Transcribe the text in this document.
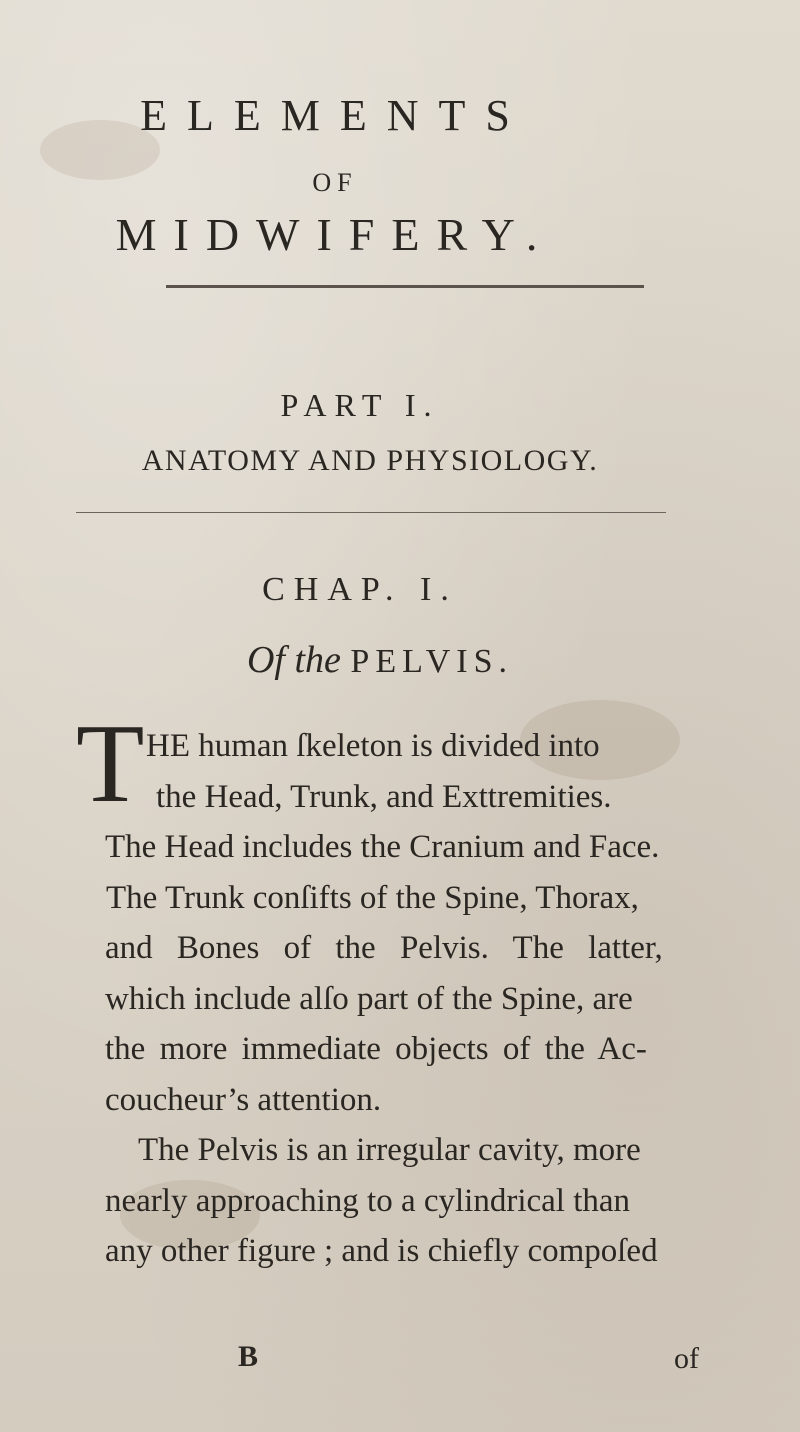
ELEMENTS
OF
MIDWIFERY.
PART I.
ANATOMY AND PHYSIOLOGY.
CHAP. I.
Of the PELVIS.
T HE human ſkeleton is divided into
the Head, Trunk, and Exttremities.
The Head includes the Cranium and Face.
The Trunk conſifts of the Spine, Thorax,
and Bones of the Pelvis. The latter,
which include alſo part of the Spine, are
the more immediate objects of the Ac-
coucheur’s attention.
The Pelvis is an irregular cavity, more
nearly approaching to a cylindrical than
any other figure ; and is chiefly compoſed
B	of
